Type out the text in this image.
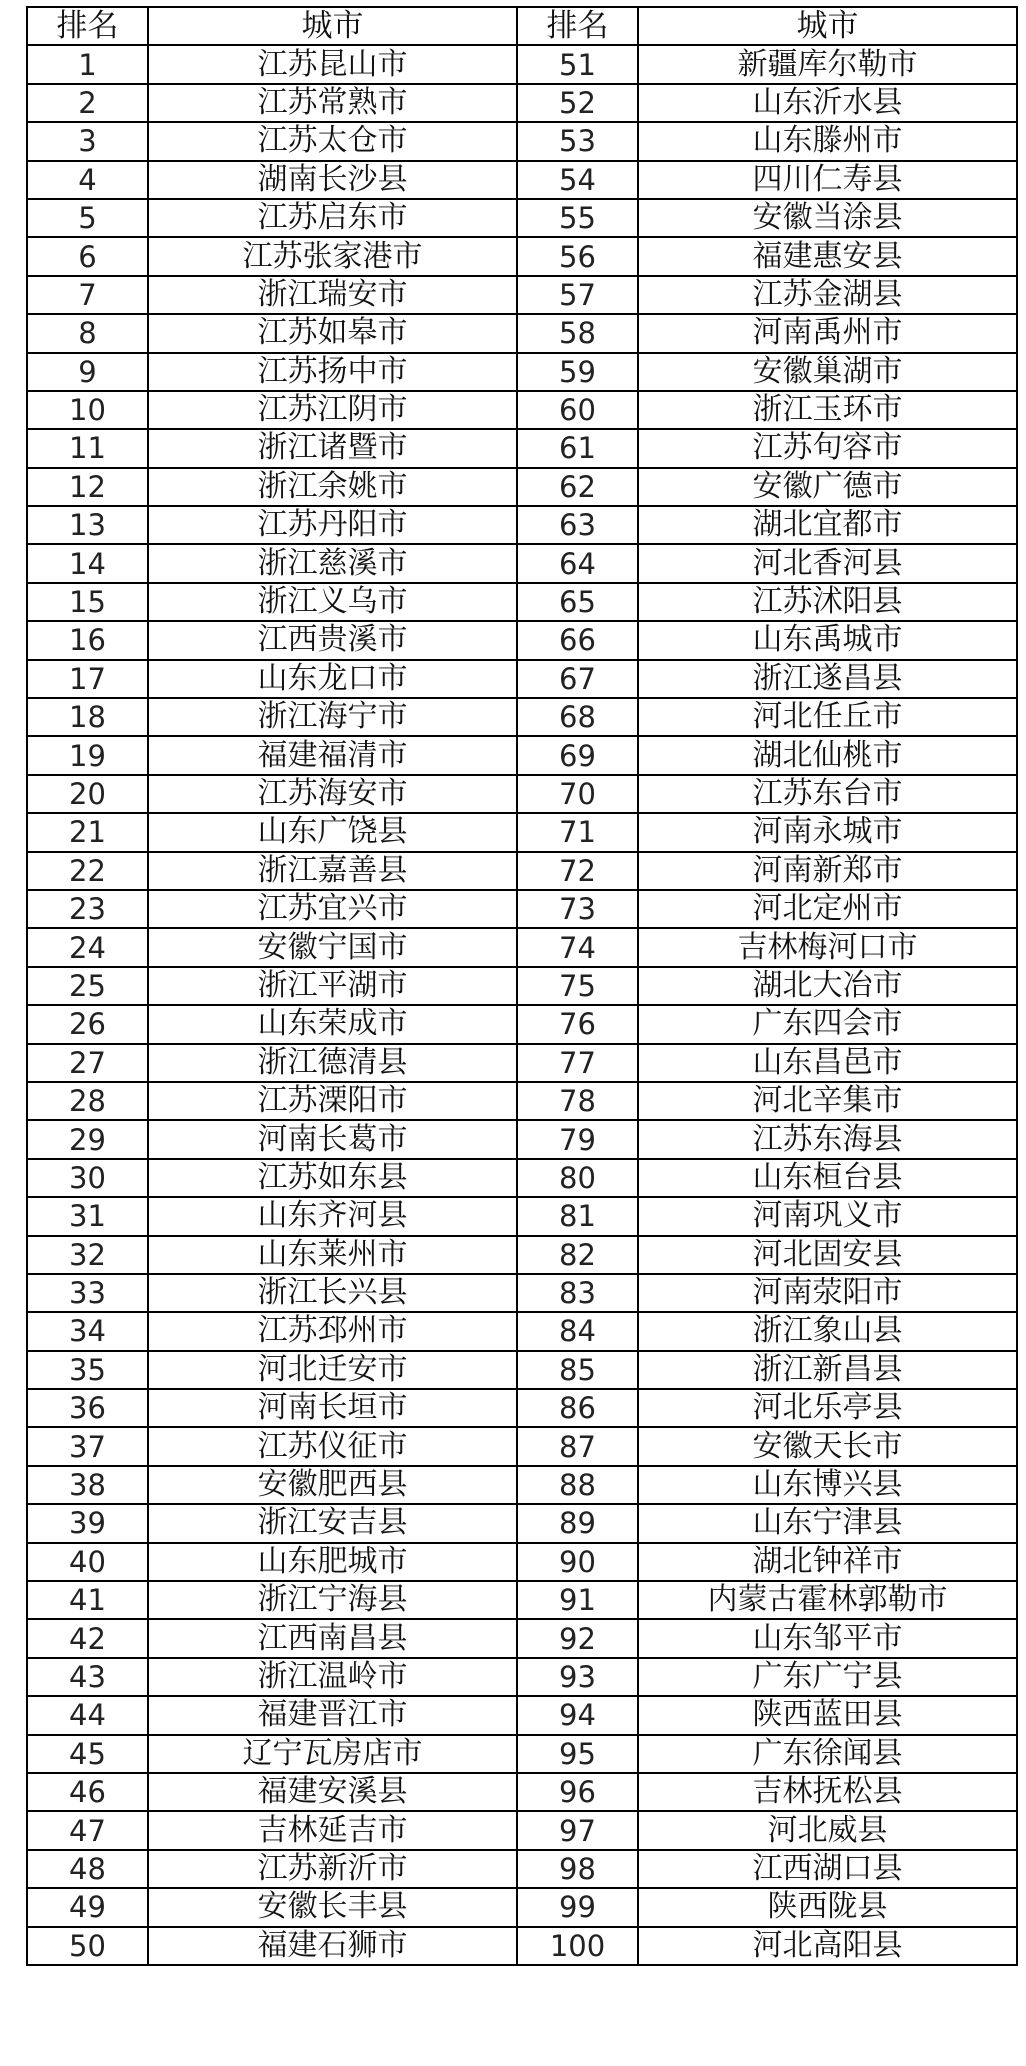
排名	城市	排名	城市
1	江苏昆山市	51	新疆库尔勒市
2	江苏常熟市	52	山东沂水县
3	江苏太仓市	53	山东滕州市
4	湖南长沙县	54	四川仁寿县
5	江苏启东市	55	安徽当涂县
6	江苏张家港市	56	福建惠安县
7	浙江瑞安市	57	江苏金湖县
8	江苏如皋市	58	河南禹州市
9	江苏扬中市	59	安徽巢湖市
10	江苏江阴市	60	浙江玉环市
11	浙江诸暨市	61	江苏句容市
12	浙江余姚市	62	安徽广德市
13	江苏丹阳市	63	湖北宜都市
14	浙江慈溪市	64	河北香河县
15	浙江义乌市	65	江苏沭阳县
16	江西贵溪市	66	山东禹城市
17	山东龙口市	67	浙江遂昌县
18	浙江海宁市	68	河北任丘市
19	福建福清市	69	湖北仙桃市
20	江苏海安市	70	江苏东台市
21	山东广饶县	71	河南永城市
22	浙江嘉善县	72	河南新郑市
23	江苏宜兴市	73	河北定州市
24	安徽宁国市	74	吉林梅河口市
25	浙江平湖市	75	湖北大冶市
26	山东荣成市	76	广东四会市
27	浙江德清县	77	山东昌邑市
28	江苏溧阳市	78	河北辛集市
29	河南长葛市	79	江苏东海县
30	江苏如东县	80	山东桓台县
31	山东齐河县	81	河南巩义市
32	山东莱州市	82	河北固安县
33	浙江长兴县	83	河南荥阳市
34	江苏邳州市	84	浙江象山县
35	河北迁安市	85	浙江新昌县
36	河南长垣市	86	河北乐亭县
37	江苏仪征市	87	安徽天长市
38	安徽肥西县	88	山东博兴县
39	浙江安吉县	89	山东宁津县
40	山东肥城市	90	湖北钟祥市
41	浙江宁海县	91	内蒙古霍林郭勒市
42	江西南昌县	92	山东邹平市
43	浙江温岭市	93	广东广宁县
44	福建晋江市	94	陕西蓝田县
45	辽宁瓦房店市	95	广东徐闻县
46	福建安溪县	96	吉林抚松县
47	吉林延吉市	97	河北威县
48	江苏新沂市	98	江西湖口县
49	安徽长丰县	99	陕西陇县
50	福建石狮市	100	河北高阳县
